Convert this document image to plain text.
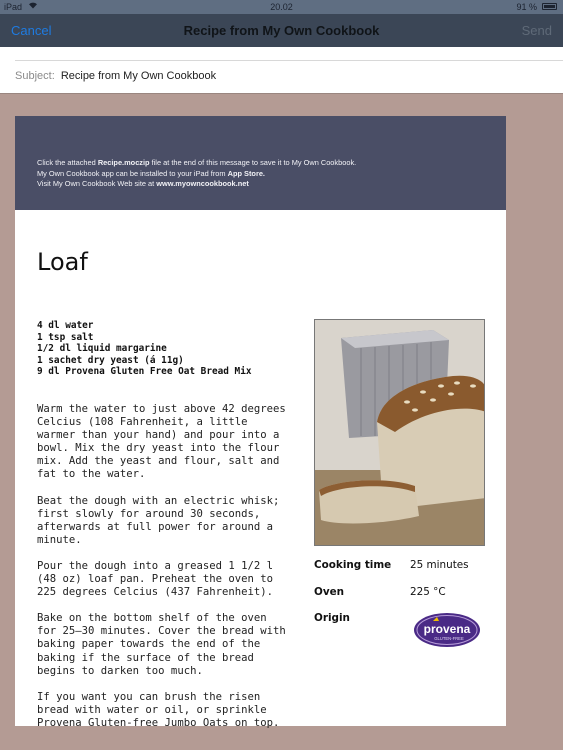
iPad	20.02	91 %
Cancel	Recipe from My Own Cookbook	Send
Subject: Recipe from My Own Cookbook
Click the attached Recipe.moczip file at the end of this message to save it to My Own Cookbook.
My Own Cookbook app can be installed to your iPad from App Store.
Visit My Own Cookbook Web site at www.myowncookbook.net
Loaf
4 dl water
1 tsp salt
1/2 dl liquid margarine
1 sachet dry yeast (á 11g)
9 dl Provena Gluten Free Oat Bread Mix

Warm the water to just above 42 degrees Celcius (108 Fahrenheit, a little warmer than your hand) and pour into a bowl. Mix the dry yeast into the flour mix. Add the yeast and flour, salt and fat to the water.

Beat the dough with an electric whisk; first slowly for around 30 seconds, afterwards at full power for around a minute.

Pour the dough into a greased 1 1/2 l (48 oz) loaf pan. Preheat the oven to 225 degrees Celcius (437 Fahrenheit).

Bake on the bottom shelf of the oven for 25–30 minutes. Cover the bread with baking paper towards the end of the baking if the surface of the bread begins to darken too much.

If you want you can brush the risen bread with water or oil, or sprinkle Provena Gluten-free Jumbo Oats on top.

Cooking time 25 minutes
Oven	225 °C
Origin
provena
GLUTEN-FREE
